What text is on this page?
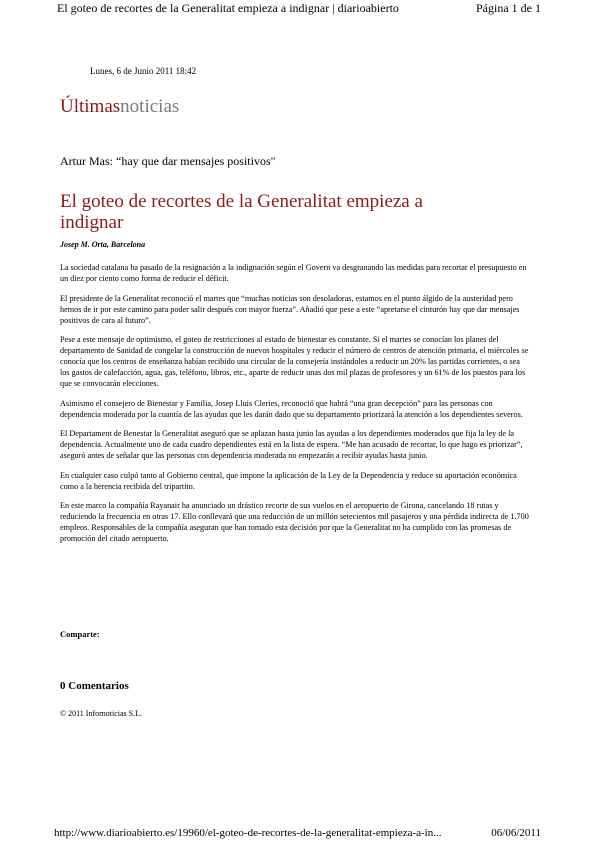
El goteo de recortes de la Generalitat empieza a indignar | diarioabierto	Página 1 de 1
Lunes, 6 de Junio 2011 18:42
Últimasnoticias
Artur Mas: “hay que dar mensajes positivos"
El goteo de recortes de la Generalitat empieza a indignar
Josep M. Orta, Barcelona

La sociedad catalana ha pasado de la resignación a la indignación según el Govern va desgranando las medidas para recortar el presupuesto en un diez por ciento como forma de reducir el déficit.

El presidente de la Generalitat reconoció el martes que “muchas noticias son desoladoras, estamos en el punto álgido de la austeridad pero hemos de ir por este camino para poder salir después con mayor fuerza”. Añadió que pese a este “apretarse el cinturón hay que dar mensajes positivos de cara al futuro”.

Pese a este mensaje de optimismo, el goteo de restricciones al estado de bienestar es constante. Si el martes se conocían los planes del departamento de Sanidad de congelar la construcción de nuevos hospitales y reducir el número de centros de atención primaria, el miércoles se conocía que los centros de enseñanza habían recibido una circular de la consejería instándoles a reducir un 20% las partidas corrientes, o sea los gastos de calefacción, agua, gas, teléfono, libros, etc., aparte de reducir unas dos mil plazas de profesores y un 61% de los puestos para los que se convocarán elecciones.

Asimismo el consejero de Bienestar y Familia, Josep Lluis Cleries, reconoció que habrá “una gran decepción” para las personas con dependencia moderada por la cuantía de las ayudas que les darán dado que su departamento priorizará la atención a los dependientes severos.

El Departament de Benestar la Generalitat aseguró que se aplazan hasta junio las ayudas a los dependientes moderados que fija la ley de la dependencia. Actualmente uno de cada cuadro dependientes está en la lista de espera. “Me han acusado de recortar, lo que hago es priorizar”, aseguró antes de señalar que las personas con dependencia moderada no empezarán a recibir ayudas hasta junio.

En cualquier caso culpó tanto al Gobierno central, que impone la aplicación de la Ley de la Dependencia y reduce su aportación económica como a la herencia recibida del tripartito.

En este marco la compañía Rayanair ha anunciado un drástico recorte de sus vuelos en el aeropuerto de Girona, cancelando 18 rutas y reduciendo la frecuencia en otras 17. Ello conllevará que una reducción de un millón setecientos mil pasajeros y una pérdida indirecta de 1.700 empleos. Responsables de la compañía aseguran que han tomado esta decisión por que la Generalitat no ha cumplido con las promesas de promoción del citado aeropuerto.

Comparte:
0 Comentarios
© 2011 Infornoticias S.L.
http://www.diarioabierto.es/19960/el-goteo-de-recortes-de-la-generalitat-empieza-a-in...	06/06/2011
